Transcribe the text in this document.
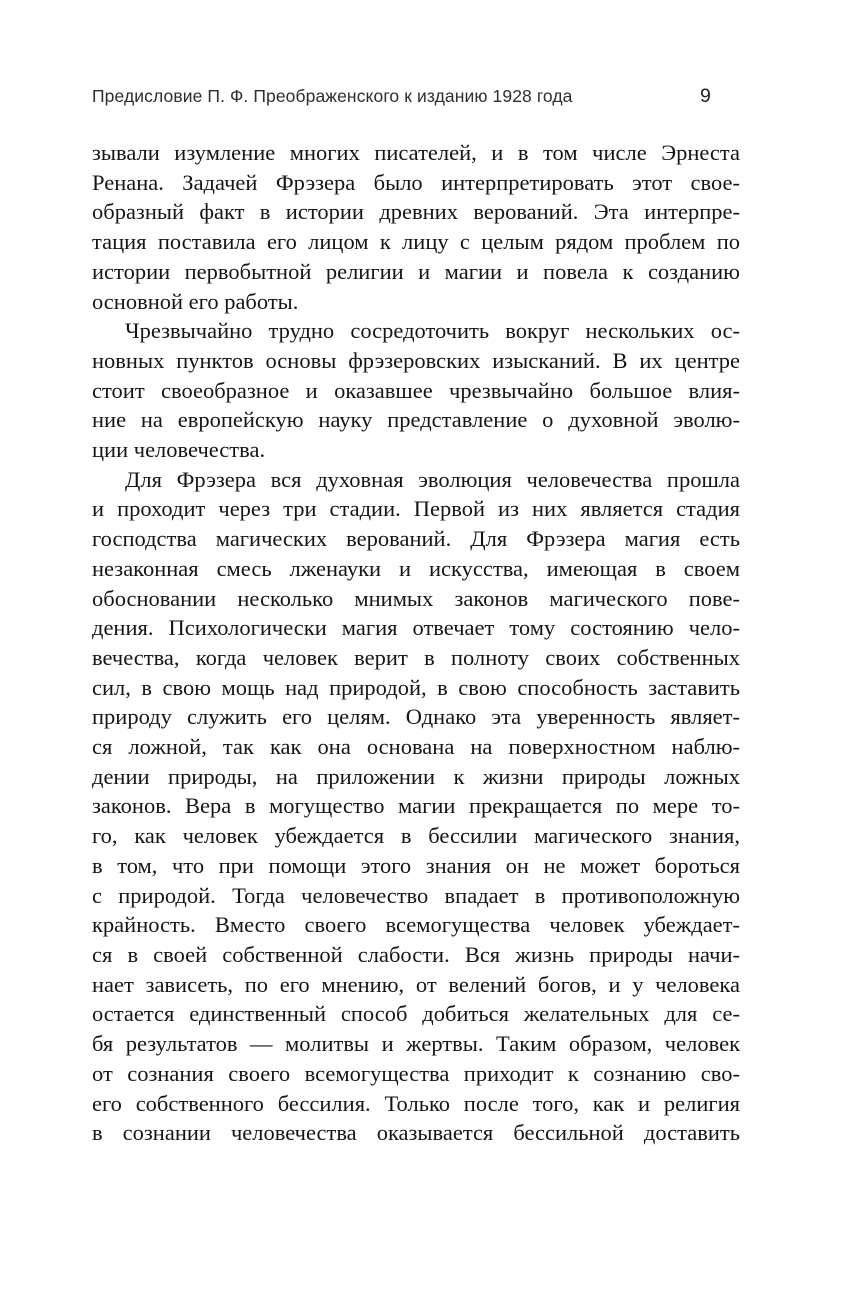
Предисловие П. Ф. Преображенского к изданию 1928 года	9
зывали изумление многих писателей, и в том числе Эрнеста
Ренана. Задачей Фрэзера было интерпретировать этот свое-
образный факт в истории древних верований. Эта интерпре-
тация поставила его лицом к лицу с целым рядом проблем по
истории первобытной религии и магии и повела к созданию
основной его работы.
Чрезвычайно трудно сосредоточить вокруг нескольких ос-
новных пунктов основы фрэзеровских изысканий. В их центре
стоит своеобразное и оказавшее чрезвычайно большое влия-
ние на европейскую науку представление о духовной эволю-
ции человечества.
Для Фрэзера вся духовная эволюция человечества прошла
и проходит через три стадии. Первой из них является стадия
господства магических верований. Для Фрэзера магия есть
незаконная смесь лженауки и искусства, имеющая в своем
обосновании несколько мнимых законов магического пове-
дения. Психологически магия отвечает тому состоянию чело-
вечества, когда человек верит в полноту своих собственных
сил, в свою мощь над природой, в свою способность заставить
природу служить его целям. Однако эта уверенность являет-
ся ложной, так как она основана на поверхностном наблю-
дении природы, на приложении к жизни природы ложных
законов. Вера в могущество магии прекращается по мере то-
го, как человек убеждается в бессилии магического знания,
в том, что при помощи этого знания он не может бороться
с природой. Тогда человечество впадает в противоположную
крайность. Вместо своего всемогущества человек убеждает-
ся в своей собственной слабости. Вся жизнь природы начи-
нает зависеть, по его мнению, от велений богов, и у человека
остается единственный способ добиться желательных для се-
бя результатов — молитвы и жертвы. Таким образом, человек
от сознания своего всемогущества приходит к сознанию сво-
его собственного бессилия. Только после того, как и религия
в сознании человечества оказывается бессильной доставить
